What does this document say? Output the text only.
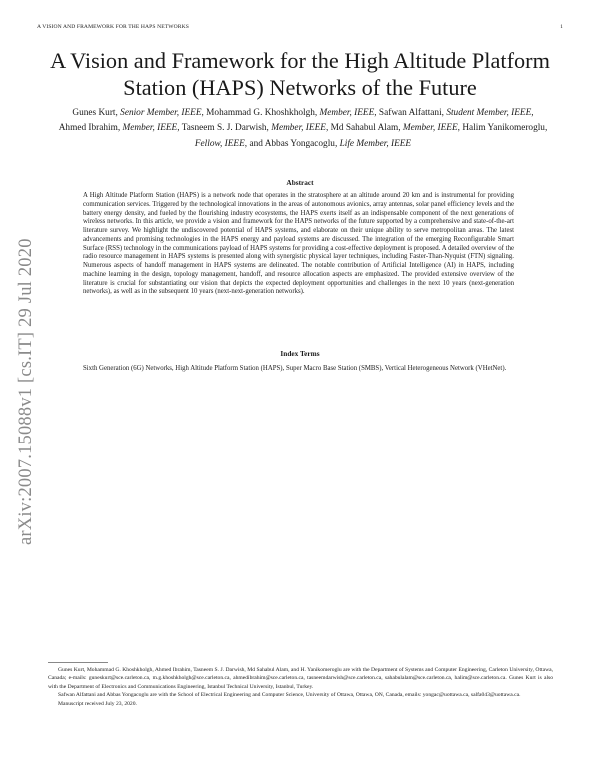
A VISION AND FRAMEWORK FOR THE HAPS NETWORKS	1
arXiv:2007.15088v1 [cs.IT] 29 Jul 2020
A Vision and Framework for the High Altitude Platform Station (HAPS) Networks of the Future
Gunes Kurt, Senior Member, IEEE, Mohammad G. Khoshkholgh, Member, IEEE, Safwan Alfattani, Student Member, IEEE, Ahmed Ibrahim, Member, IEEE, Tasneem S. J. Darwish, Member, IEEE, Md Sahabul Alam, Member, IEEE, Halim Yanikomeroglu, Fellow, IEEE, and Abbas Yongacoglu, Life Member, IEEE
Abstract
A High Altitude Platform Station (HAPS) is a network node that operates in the stratosphere at an altitude around 20 km and is instrumental for providing communication services. Triggered by the technological innovations in the areas of autonomous avionics, array antennas, solar panel efficiency levels and the battery energy density, and fueled by the flourishing industry ecosystems, the HAPS exerts itself as an indispensable component of the next generations of wireless networks. In this article, we provide a vision and framework for the HAPS networks of the future supported by a comprehensive and state-of-the-art literature survey. We highlight the undiscovered potential of HAPS systems, and elaborate on their unique ability to serve metropolitan areas. The latest advancements and promising technologies in the HAPS energy and payload systems are discussed. The integration of the emerging Reconfigurable Smart Surface (RSS) technology in the communications payload of HAPS systems for providing a cost-effective deployment is proposed. A detailed overview of the radio resource management in HAPS systems is presented along with synergistic physical layer techniques, including Faster-Than-Nyquist (FTN) signaling. Numerous aspects of handoff management in HAPS systems are delineated. The notable contribution of Artificial Intelligence (AI) in HAPS, including machine learning in the design, topology management, handoff, and resource allocation aspects are emphasized. The provided extensive overview of the literature is crucial for substantiating our vision that depicts the expected deployment opportunities and challenges in the next 10 years (next-generation networks), as well as in the subsequent 10 years (next-next-generation networks).
Index Terms
Sixth Generation (6G) Networks, High Altitude Platform Station (HAPS), Super Macro Base Station (SMBS), Vertical Heterogeneous Network (VHetNet).

Gunes Kurt, Mohammad G. Khoshkholgh, Ahmed Ibrahim, Tasneem S. J. Darwish, Md Sahabul Alam, and H. Yanikomeroglu are with the Department of Systems and Computer Engineering, Carleton University, Ottawa, Canada; e-mails: guneskurt@sce.carleton.ca, m.g.khoshkholgh@sce.carleton.ca, ahmedibrahim@sce.carleton.ca, tasneemdarwish@sce.carleton.ca, sahabulalam@sce.carleton.ca, halim@sce.carleton.ca. Gunes Kurt is also with the Department of Electronics and Communications Engineering, Istanbul Technical University, Istanbul, Turkey.

Safwan Alfattani and Abbas Yongacoglu are with the School of Electrical Engineering and Computer Science, University of Ottawa, Ottawa, ON, Canada, emails: yongac@uottawa.ca, salfa043@uottawa.ca.

Manuscript received July 23, 2020.
